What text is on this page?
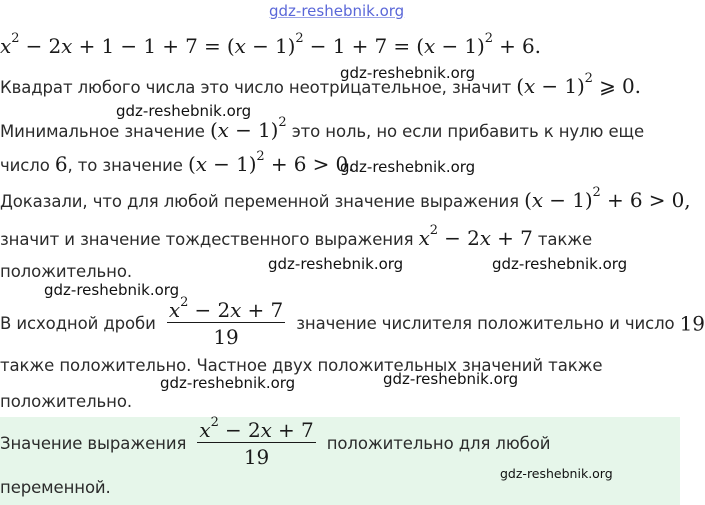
gdz-reshebnik.org
$x^2 - 2x + 1 - 1 + 7 = (x - 1)^2 - 1 + 7 = (x - 1)^2 + 6$.
Квадрат любого числа это число неотрицательное, значит $(x - 1)^2$ ⩾ 0.
Минимальное значение $(x - 1)^2$ это ноль, но если прибавить к нулю еще
число 6, то значение $(x - 1)^2 + 6 > 0$.
Доказали, что для любой переменной значение выражения $(x - 1)^2 + 6 > 0$,
значит и значение тождественного выражения $x^2 - 2x + 7$ также
положительно.
В исходной дроби $\frac{x^2 - 2x + 7}{19}$ значение числителя положительно и число 19
также положительно. Частное двух положительных значений также
положительно.
Значение выражения $\frac{x^2 - 2x + 7}{19}$ положительно для любой
переменной.
gdz-reshebnik.org
gdz-reshebnik.org
gdz-reshebnik.org
gdz-reshebnik.org	gdz-reshebnik.org
gdz-reshebnik.org
gdz-reshebnik.org	gdz-reshebnik.org
gdz-reshebnik.org
